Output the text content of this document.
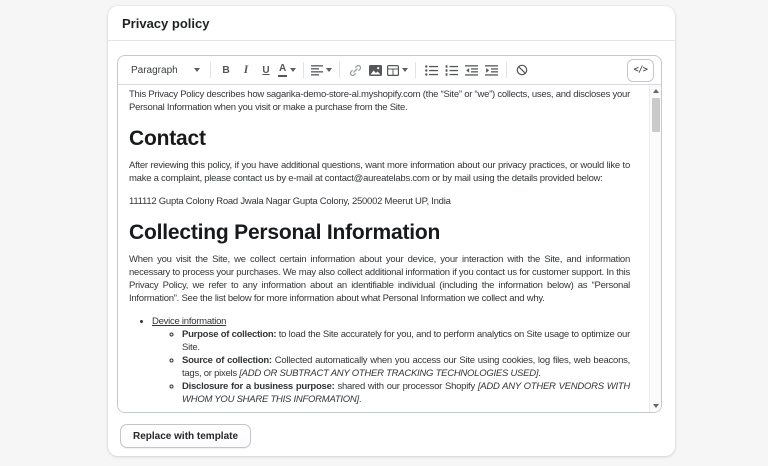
Privacy policy
Paragraph	B I U A	</>

This Privacy Policy describes how sagarika-demo-store-al.myshopify.com (the “Site” or “we”) collects, uses, and discloses your Personal Information when you visit or make a purchase from the Site.

Contact

After reviewing this policy, if you have additional questions, want more information about our privacy practices, or would like to make a complaint, please contact us by e-mail at contact@aureatelabs.com or by mail using the details provided below:

111112 Gupta Colony Road Jwala Nagar Gupta Colony, 250002 Meerut UP, India

Collecting Personal Information

When you visit the Site, we collect certain information about your device, your interaction with the Site, and information necessary to process your purchases. We may also collect additional information if you contact us for customer support. In this Privacy Policy, we refer to any information about an identifiable individual (including the information below) as “Personal Information”. See the list below for more information about what Personal Information we collect and why.

• Device information
◦ Purpose of collection: to load the Site accurately for you, and to perform analytics on Site usage to optimize our Site.
◦ Source of collection: Collected automatically when you access our Site using cookies, log files, web beacons, tags, or pixels [ADD OR SUBTRACT ANY OTHER TRACKING TECHNOLOGIES USED].
◦ Disclosure for a business purpose: shared with our processor Shopify [ADD ANY OTHER VENDORS WITH WHOM YOU SHARE THIS INFORMATION].
Replace with template
